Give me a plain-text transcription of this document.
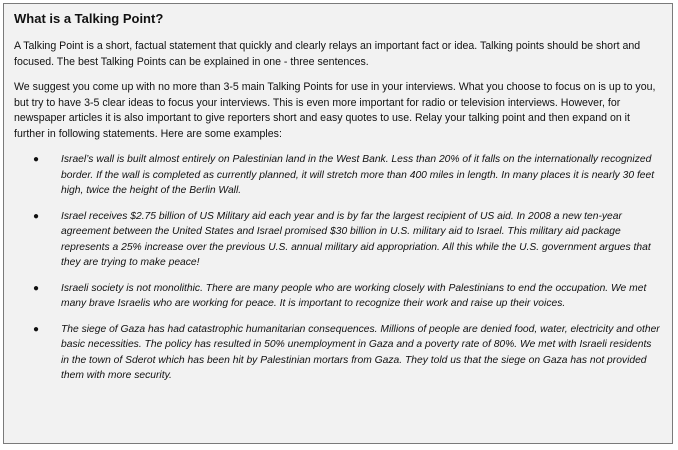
What is a Talking Point?

A Talking Point is a short, factual statement that quickly and clearly relays an important fact or idea. Talking points should be short and focused. The best Talking Points can be explained in one - three sentences.

We suggest you come up with no more than 3-5 main Talking Points for use in your interviews. What you choose to focus on is up to you, but try to have 3-5 clear ideas to focus your interviews. This is even more important for radio or television interviews. However, for newspaper articles it is also important to give reporters short and easy quotes to use. Relay your talking point and then expand on it further in following statements. Here are some examples:

● Israel’s wall is built almost entirely on Palestinian land in the West Bank. Less than 20% of it falls on the internationally recognized border. If the wall is completed as currently planned, it will stretch more than 400 miles in length. In many places it is nearly 30 feet high, twice the height of the Berlin Wall.
● Israel receives $2.75 billion of US Military aid each year and is by far the largest recipient of US aid. In 2008 a new ten-year agreement between the United States and Israel promised $30 billion in U.S. military aid to Israel. This military aid package represents a 25% increase over the previous U.S. annual military aid appropriation. All this while the U.S. government argues that they are trying to make peace!
● Israeli society is not monolithic. There are many people who are working closely with Palestinians to end the occupation. We met many brave Israelis who are working for peace. It is important to recognize their work and raise up their voices.
● The siege of Gaza has had catastrophic humanitarian consequences. Millions of people are denied food, water, electricity and other basic necessities. The policy has resulted in 50% unemployment in Gaza and a poverty rate of 80%. We met with Israeli residents in the town of Sderot which has been hit by Palestinian mortars from Gaza. They told us that the siege on Gaza has not provided them with more security.
